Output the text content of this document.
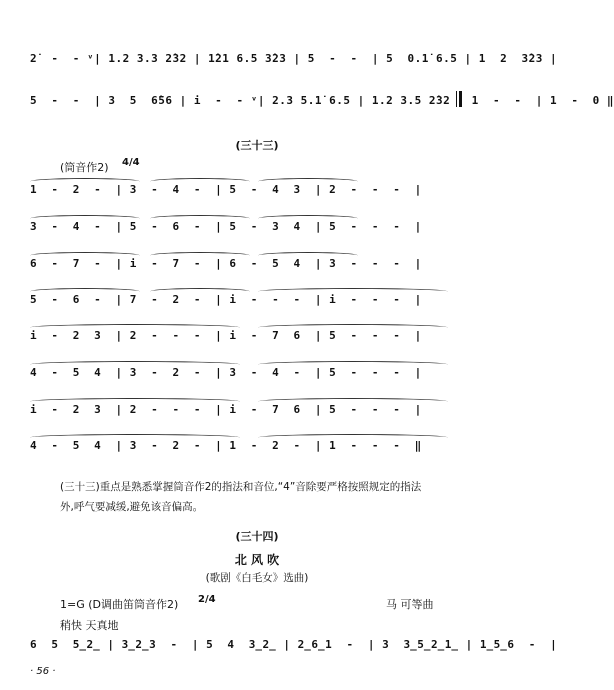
2̇  -  - ᵛ| 1.2 3.3 2̂32 | 1̂21 6.5 3̂23 | 5  -  -  | 5  0.1̇ 6.5 | 1  2  3̂23 |
5  -  -  | 3  5  6̂56 | i  -  - ᵛ| 2.3 5.1̇ 6.5 | 1.2 3.5 2̂32 | 1  -  -  | 1  -  0 ‖
(三十三)
(筒音作2) 4/4
1  -  2  -  | 3  -  4  -  | 5  -  4  3  | 2  -  -  -  |
3  -  4  -  | 5  -  6  -  | 5  -  3  4  | 5  -  -  -  |
6  -  7  -  | i  -  7  -  | 6  -  5  4  | 3  -  -  -  |
5  -  6  -  | 7  -  2  -  | i  -  -  -  | i  -  -  -  |
i  -  2  3  | 2  -  -  -  | i  -  7  6  | 5  -  -  -  |
4  -  5  4  | 3  -  2  -  | 3  -  4  -  | 5  -  -  -  |
i  -  2  3  | 2  -  -  -  | i  -  7  6  | 5  -  -  -  |
4  -  5  4  | 3  -  2  -  | 1  -  2  -  | 1  -  -  -  ‖
(三十三)重点是熟悉掌握筒音作2的指法和音位,“4”音除要严格按照规定的指法
外,呼气要减缓,避免该音偏高。
(三十四)
北 风 吹
(歌剧《白毛女》选曲)
1=G (D调曲笛筒音作2) 2/4	马 可等曲
稍快 天真地
6  5  5̲2̲ | 3̲2̲3  -  | 5  4  3̲2̲ | 2̲6̲1  -  | 3  3̲5̲2̲1̲ | 1̲5̲6  -  |
· 56 ·
